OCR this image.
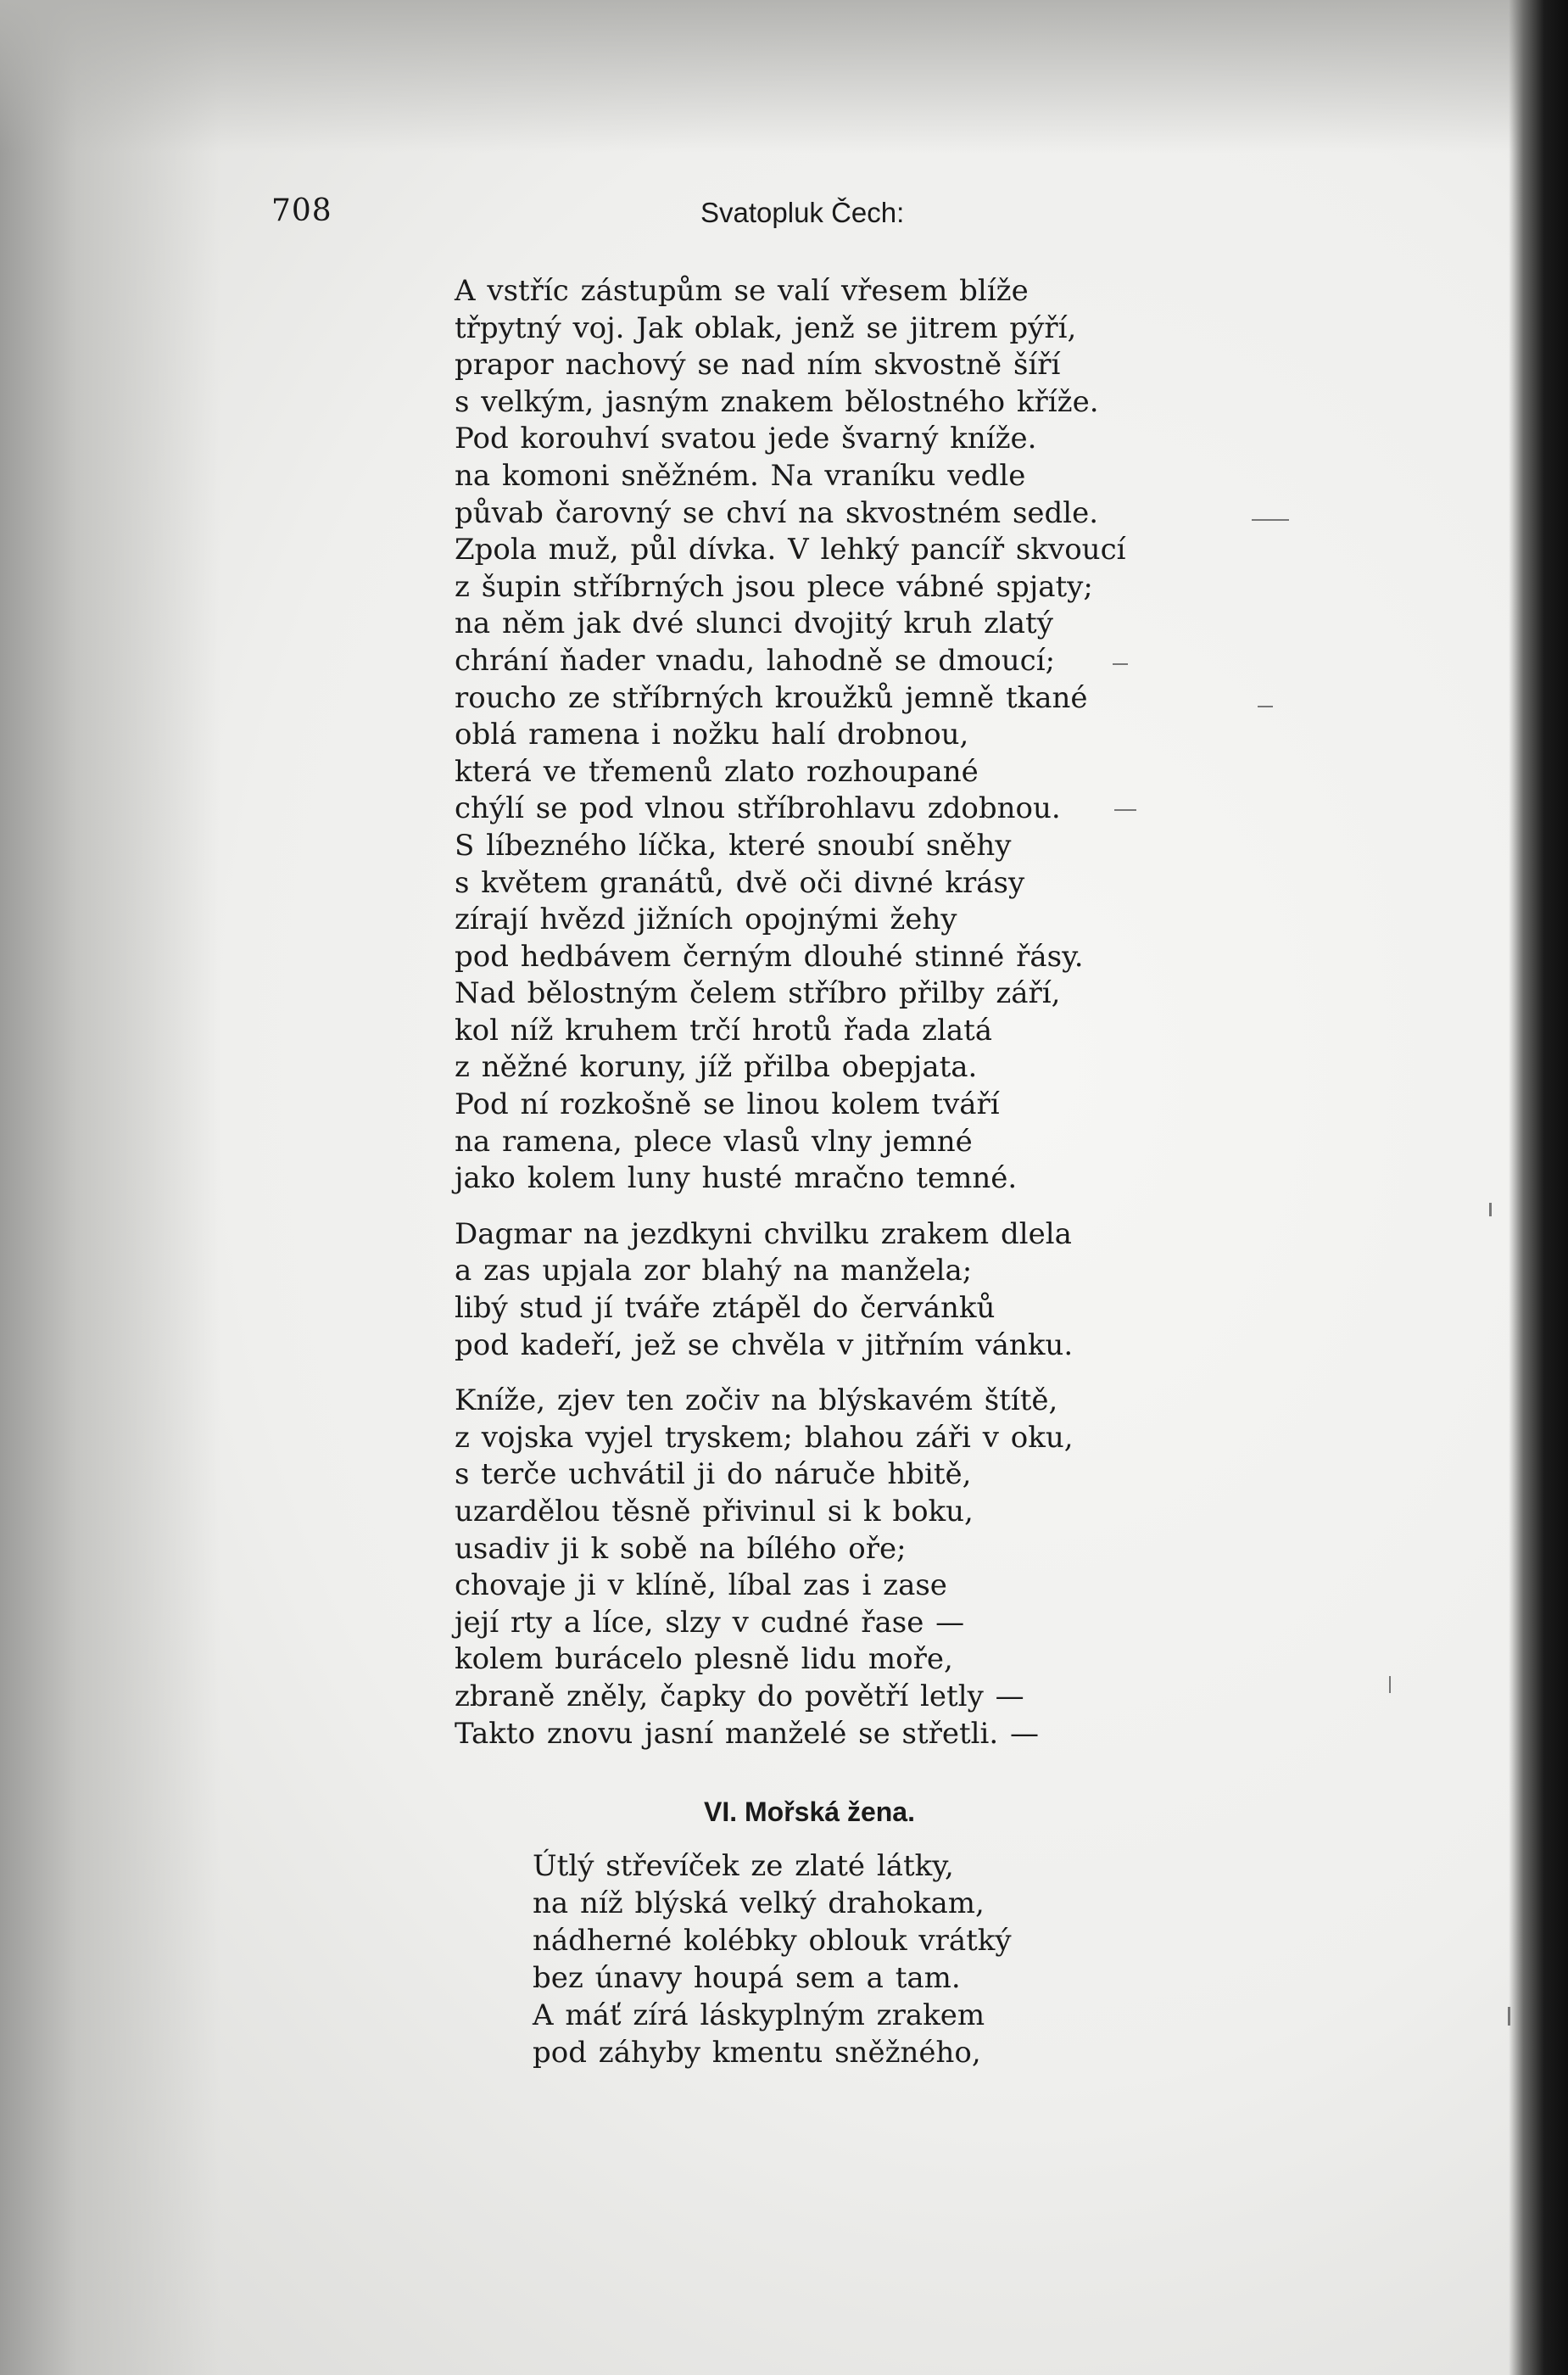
708	Svatopluk Čech:
A vstříc zástupům se valí vřesem blíže
třpytný voj. Jak oblak, jenž se jitrem pýří,
prapor nachový se nad ním skvostně šíří
s velkým, jasným znakem bělostného kříže.
Pod korouhví svatou jede švarný kníže.
na komoni sněžném. Na vraníku vedle
půvab čarovný se chví na skvostném sedle.
Zpola muž, půl dívka. V lehký pancíř skvoucí
z šupin stříbrných jsou plece vábné spjaty;
na něm jak dvé slunci dvojitý kruh zlatý
chrání ňader vnadu, lahodně se dmoucí;
roucho ze stříbrných kroužků jemně tkané
oblá ramena i nožku halí drobnou,
která ve třemenů zlato rozhoupané
chýlí se pod vlnou stříbrohlavu zdobnou.
S líbezného líčka, které snoubí sněhy
s květem granátů, dvě oči divné krásy
zírají hvězd jižních opojnými žehy
pod hedbávem černým dlouhé stinné řásy.
Nad bělostným čelem stříbro přilby září,
kol níž kruhem trčí hrotů řada zlatá
z něžné koruny, jíž přilba obepjata.
Pod ní rozkošně se linou kolem tváří
na ramena, plece vlasů vlny jemné
jako kolem luny husté mračno temné.
Dagmar na jezdkyni chvilku zrakem dlela
a zas upjala zor blahý na manžela;
libý stud jí tváře ztápěl do červánků
pod kadeří, jež se chvěla v jitřním vánku.
Kníže, zjev ten zočiv na blýskavém štítě,
z vojska vyjel tryskem; blahou záři v oku,
s terče uchvátil ji do náruče hbitě,
uzardělou těsně přivinul si k boku,
usadiv ji k sobě na bílého oře;
chovaje ji v klíně, líbal zas i zase
její rty a líce, slzy v cudné řase —
kolem burácelo plesně lidu moře,
zbraně zněly, čapky do povětří letly —
Takto znovu jasní manželé se střetli. —
VI. Mořská žena.
Útlý střevíček ze zlaté látky,
na níž blýská velký drahokam,
nádherné kolébky oblouk vrátký
bez únavy houpá sem a tam.
A máť zírá láskyplným zrakem
pod záhyby kmentu sněžného,
